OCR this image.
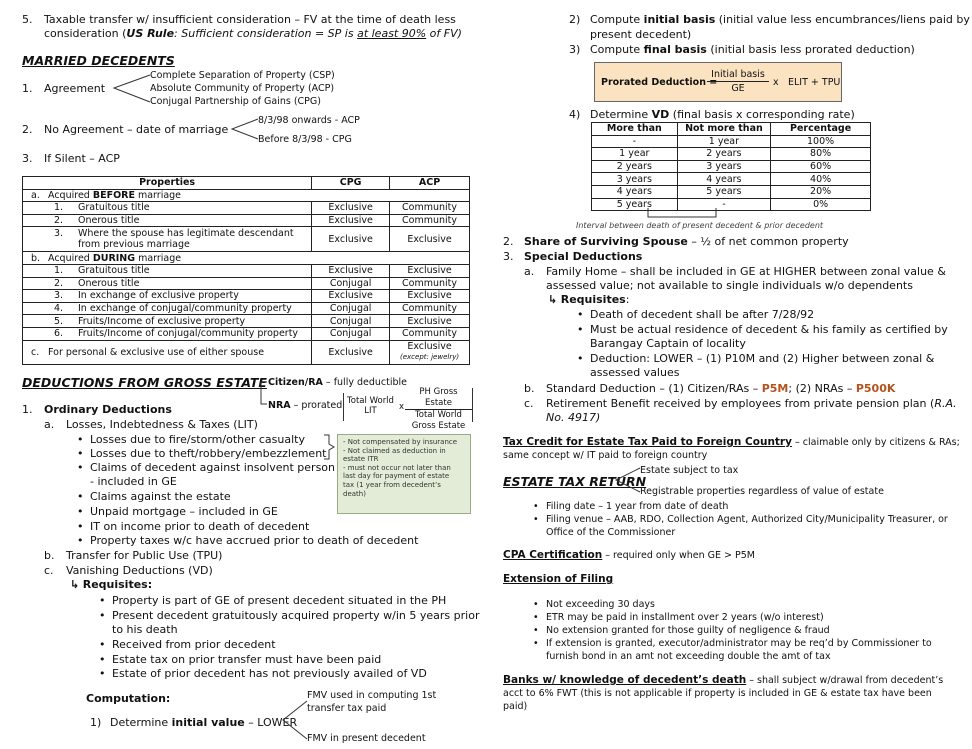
5. Taxable transfer w/ insufficient consideration – FV at the time of death less
consideration (US Rule: Sufficient consideration = SP is at least 90% of FV)
MARRIED DECEDENTS
1. Agreement
Complete Separation of Property (CSP)
Absolute Community of Property (ACP)
Conjugal Partnership of Gains (CPG)
2. No Agreement – date of marriage
8/3/98 onwards - ACP
Before 8/3/98 - CPG
3. If Silent – ACP
Properties	CPG	ACP
a. Acquired BEFORE marriage		
1. Gratuitous title	Exclusive	Community
2. Onerous title	Exclusive	Community

3. Where the spouse has legitimate descendant
from previous marriage	Exclusive	Exclusive
b. Acquired DURING marriage		
1. Gratuitous title	Exclusive	Exclusive
2. Onerous title	Conjugal	Community
3. In exchange of exclusive property	Exclusive	Exclusive
4. In exchange of conjugal/community property	Conjugal	Community
5. Fruits/Income of exclusive property	Conjugal	Exclusive
6. Fruits/Income of conjugal/community property	Conjugal	Community
c. For personal & exclusive use of either spouse	Exclusive	Exclusive
(except: jewelry)
DEDUCTIONS FROM GROSS ESTATE Citizen/RA – fully deductible
NRA – prorated Total World
LIT	x
PH Gross Estate
Total World Gross Estate
1. Ordinary Deductions
a. Losses, Indebtedness & Taxes (LIT)
• Losses due to fire/storm/other casualty
• Losses due to theft/robbery/embezzlement
• Claims of decedent against insolvent person
- included in GE
• Claims against the estate
• Unpaid mortgage – included in GE
• IT on income prior to death of decedent
• Property taxes w/c have accrued prior to death of decedent
- Not compensated by insurance
- Not claimed as deduction in
estate ITR
- must not occur not later than
last day for payment of estate
tax (1 year from decedent’s
death)
b. Transfer for Public Use (TPU)
c. Vanishing Deductions (VD)
↳ Requisites:
• Property is part of GE of present decedent situated in the PH
• Present decedent gratuitously acquired property w/in 5 years prior
to his death
• Received from prior decedent
• Estate tax on prior transfer must have been paid
• Estate of prior decedent has not previously availed of VD
Computation:
1) Determine initial value – LOWER
FMV used in computing 1st
transfer tax paid
FMV in present decedent
2) Compute initial basis (initial value less encumbrances/liens paid by
present decedent)
3) Compute final basis (initial basis less prorated deduction)
Prorated Deduction =
Initial basis
GE
x ELIT + TPU
4) Determine VD (final basis x corresponding rate)
More than	Not more than	Percentage
-	1 year	100%
1 year	2 years	80%
2 years	3 years	60%
3 years	4 years	40%
4 years	5 years	20%
5 years	-	0%
Interval between death of present decedent & prior decedent
2. Share of Surviving Spouse – ½ of net common property
3. Special Deductions
a. Family Home – shall be included in GE at HIGHER between zonal value &
assessed value; not available to single individuals w/o dependents
↳ Requisites:
• Death of decedent shall be after 7/28/92
• Must be actual residence of decedent & his family as certified by
Barangay Captain of locality
• Deduction: LOWER – (1) P10M and (2) Higher between zonal &
assessed values
b. Standard Deduction – (1) Citizen/RAs – P5M; (2) NRAs – P500K
c. Retirement Benefit received by employees from private pension plan (R.A.
No. 4917)
Tax Credit for Estate Tax Paid to Foreign Country – claimable only by citizens & RAs;
same concept w/ IT paid to foreign country
ESTATE TAX RETURN
Estate subject to tax
Registrable properties regardless of value of estate
• Filing date – 1 year from date of death
• Filing venue – AAB, RDO, Collection Agent, Authorized City/Municipality Treasurer, or
Office of the Commissioner
CPA Certification – required only when GE > P5M
Extension of Filing
• Not exceeding 30 days
• ETR may be paid in installment over 2 years (w/o interest)
• No extension granted for those guilty of negligence & fraud
• If extension is granted, executor/administrator may be req’d by Commissioner to
furnish bond in an amt not exceeding double the amt of tax
Banks w/ knowledge of decedent’s death – shall subject w/drawal from decedent’s
acct to 6% FWT (this is not applicable if property is included in GE & estate tax have been
paid)
